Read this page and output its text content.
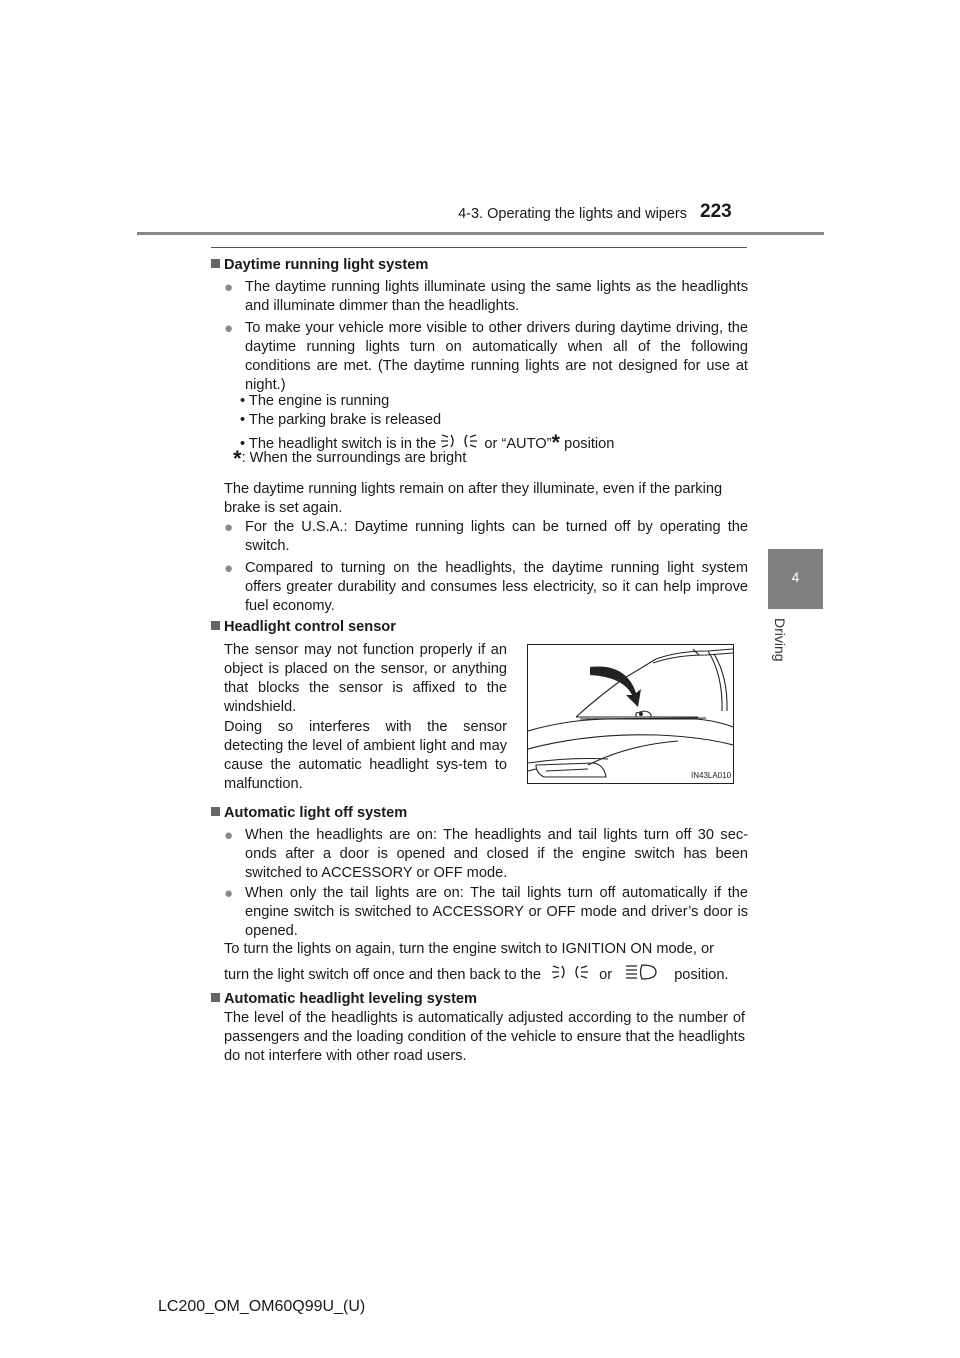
4-3. Operating the lights and wipers 223
4
Driving
Daytime running light system
● The daytime running lights illuminate using the same lights as the headlights and illuminate dimmer than the headlights.
● To make your vehicle more visible to other drivers during daytime driving, the daytime running lights turn on automatically when all of the following conditions are met. (The daytime running lights are not designed for use at night.)
• The engine is running
• The parking brake is released
• The headlight switch is in the	or “AUTO”* position
*: When the surroundings are bright
The daytime running lights remain on after they illuminate, even if the parking brake is set again.
● For the U.S.A.: Daytime running lights can be turned off by operating the switch.
● Compared to turning on the headlights, the daytime running light system offers greater durability and consumes less electricity, so it can help improve fuel economy.
Headlight control sensor
The sensor may not function properly if an object is placed on the sensor, or anything that blocks the sensor is affixed to the windshield.
Doing so interferes with the sensor detecting the level of ambient light and may cause the automatic headlight sys-tem to malfunction.
IN43LA010
Automatic light off system
● When the headlights are on: The headlights and tail lights turn off 30 sec-onds after a door is opened and closed if the engine switch has been switched to ACCESSORY or OFF mode.
● When only the tail lights are on: The tail lights turn off automatically if the engine switch is switched to ACCESSORY or OFF mode and driver’s door is opened.
To turn the lights on again, turn the engine switch to IGNITION ON mode, or
turn the light switch off once and then back to the	or	position.
Automatic headlight leveling system
The level of the headlights is automatically adjusted according to the number of passengers and the loading condition of the vehicle to ensure that the headlights do not interfere with other road users.
LC200_OM_OM60Q99U_(U)
